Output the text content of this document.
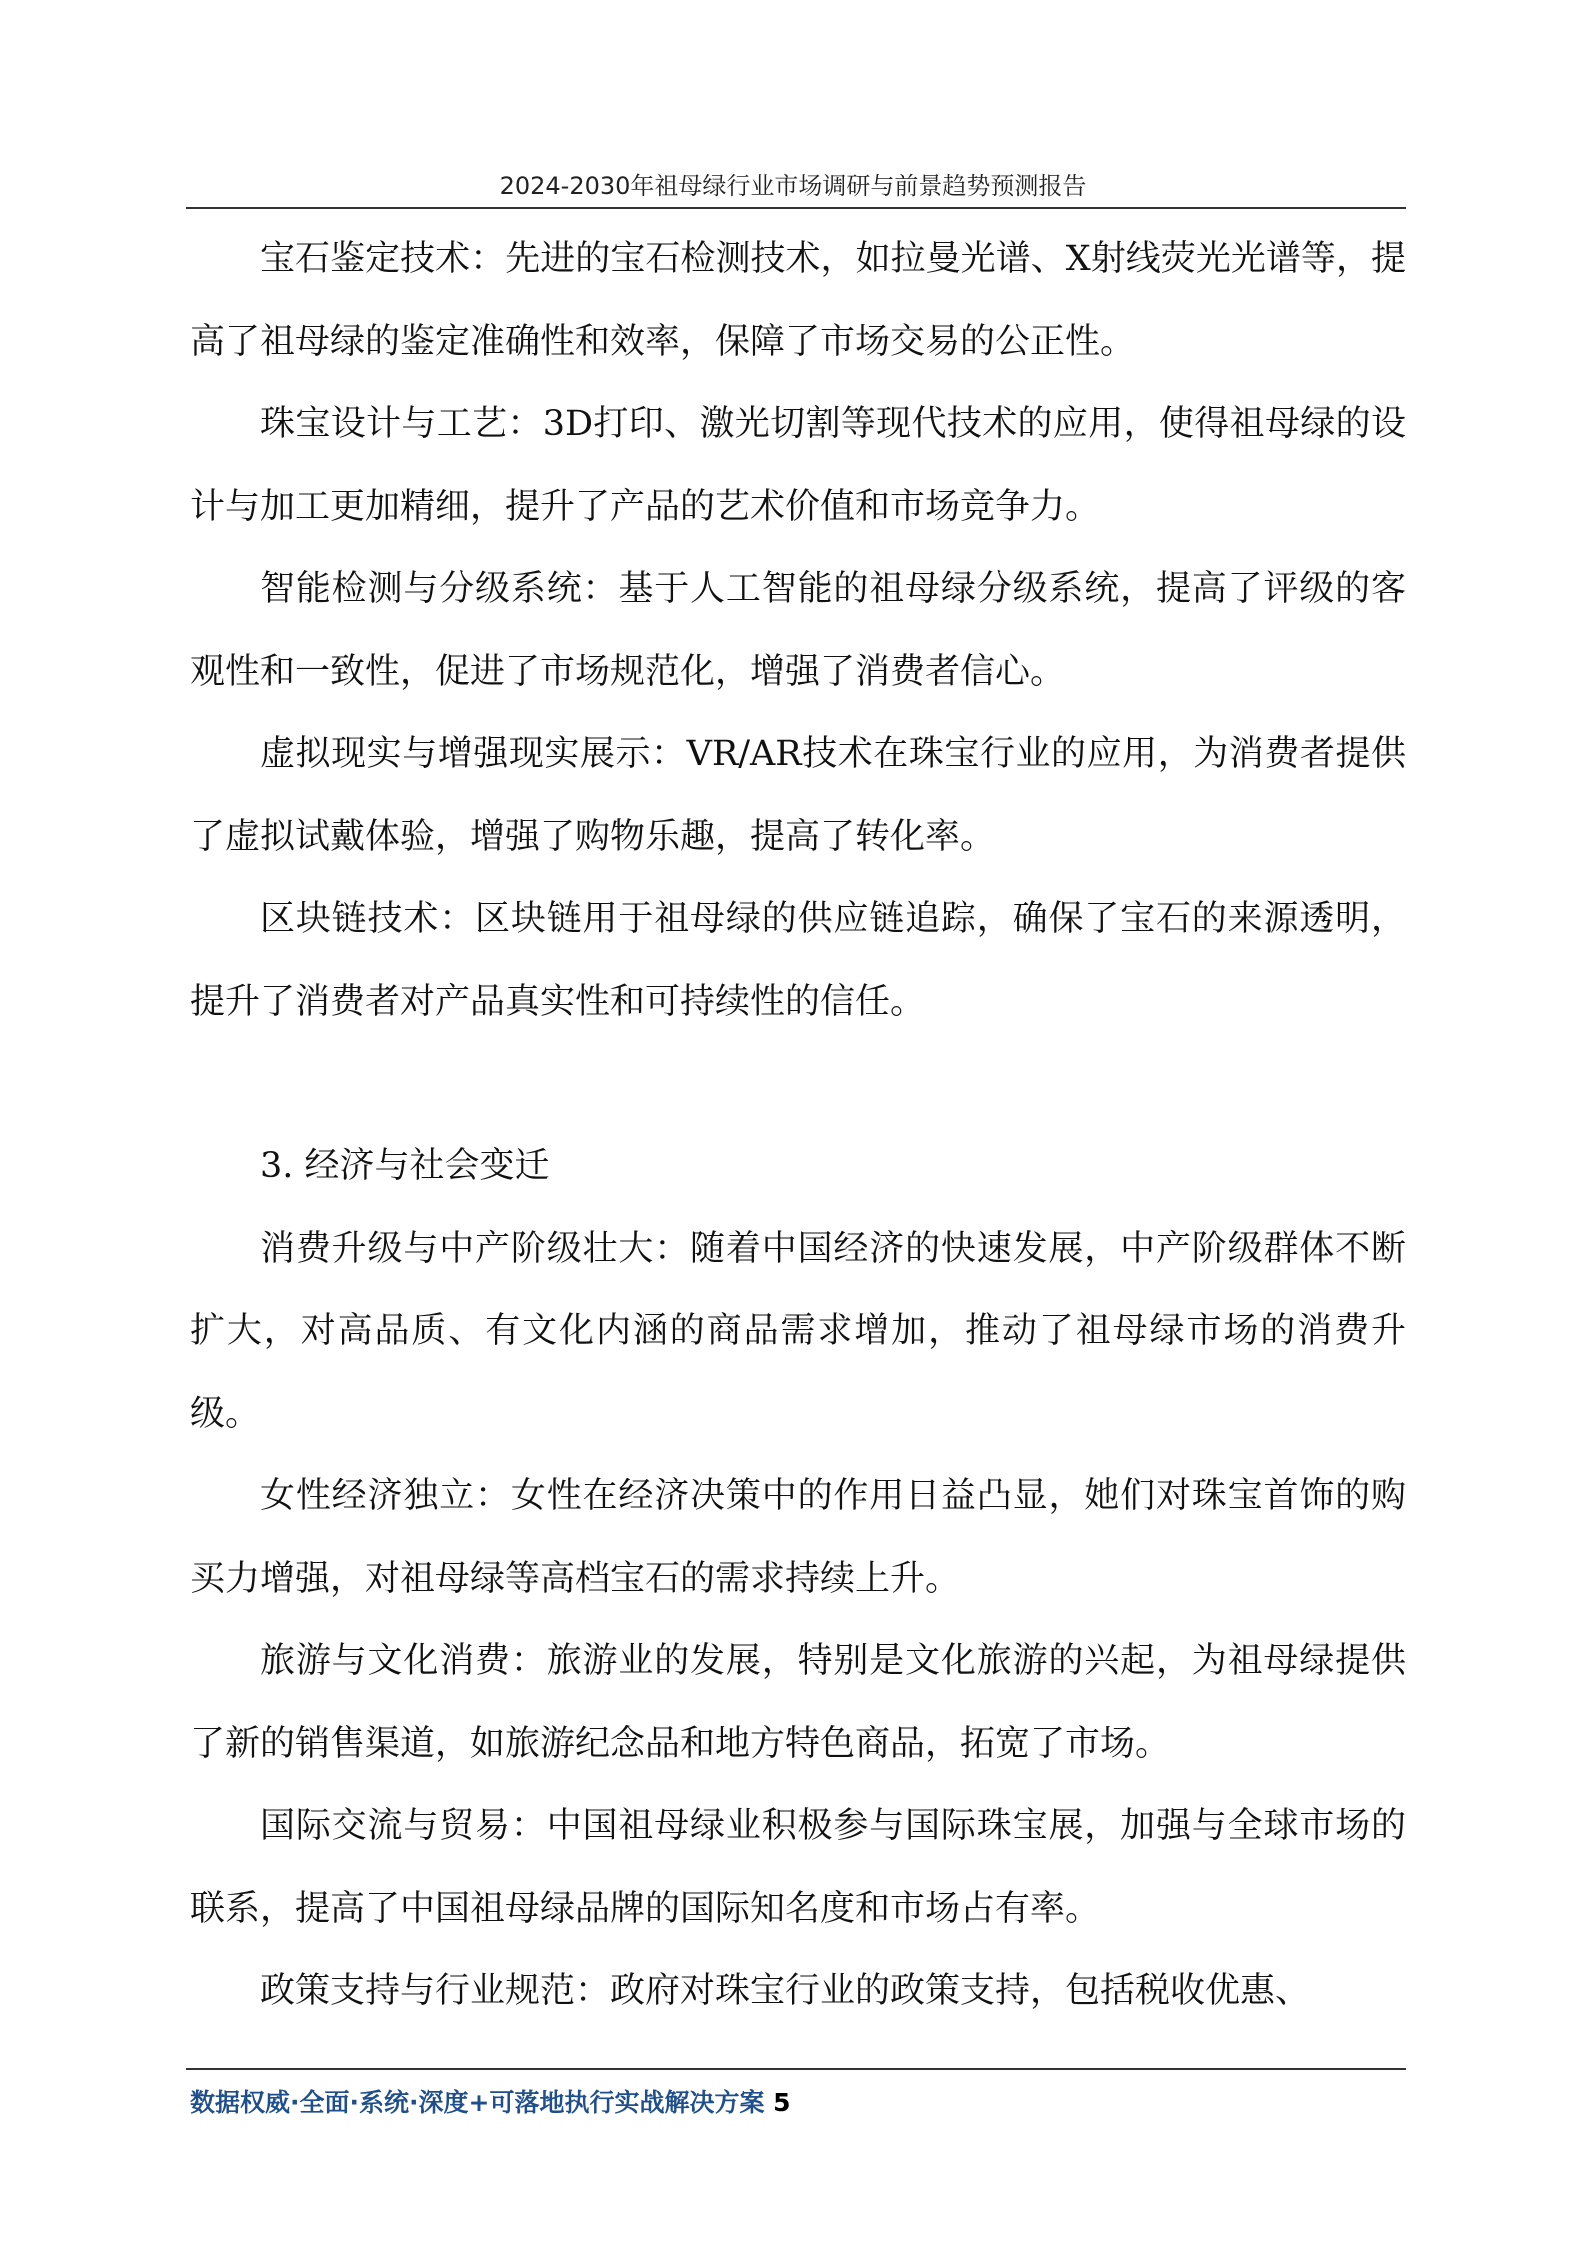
2024-2030年祖母绿行业市场调研与前景趋势预测报告

宝石鉴定技术：先进的宝石检测技术，如拉曼光谱、X射线荧光光谱等，提高了祖母绿的鉴定准确性和效率，保障了市场交易的公正性。

珠宝设计与工艺：3D打印、激光切割等现代技术的应用，使得祖母绿的设计与加工更加精细，提升了产品的艺术价值和市场竞争力。

智能检测与分级系统：基于人工智能的祖母绿分级系统，提高了评级的客观性和一致性，促进了市场规范化，增强了消费者信心。

虚拟现实与增强现实展示：VR/AR技术在珠宝行业的应用，为消费者提供了虚拟试戴体验，增强了购物乐趣，提高了转化率。

区块链技术：区块链用于祖母绿的供应链追踪，确保了宝石的来源透明，提升了消费者对产品真实性和可持续性的信任。

3. 经济与社会变迁

消费升级与中产阶级壮大：随着中国经济的快速发展，中产阶级群体不断扩大，对高品质、有文化内涵的商品需求增加，推动了祖母绿市场的消费升级。

女性经济独立：女性在经济决策中的作用日益凸显，她们对珠宝首饰的购买力增强，对祖母绿等高档宝石的需求持续上升。

旅游与文化消费：旅游业的发展，特别是文化旅游的兴起，为祖母绿提供了新的销售渠道，如旅游纪念品和地方特色商品，拓宽了市场。

国际交流与贸易：中国祖母绿业积极参与国际珠宝展，加强与全球市场的联系，提高了中国祖母绿品牌的国际知名度和市场占有率。

政策支持与行业规范：政府对珠宝行业的政策支持，包括税收优惠、

数据权威·全面·系统·深度+可落地执行实战解决方案 5
